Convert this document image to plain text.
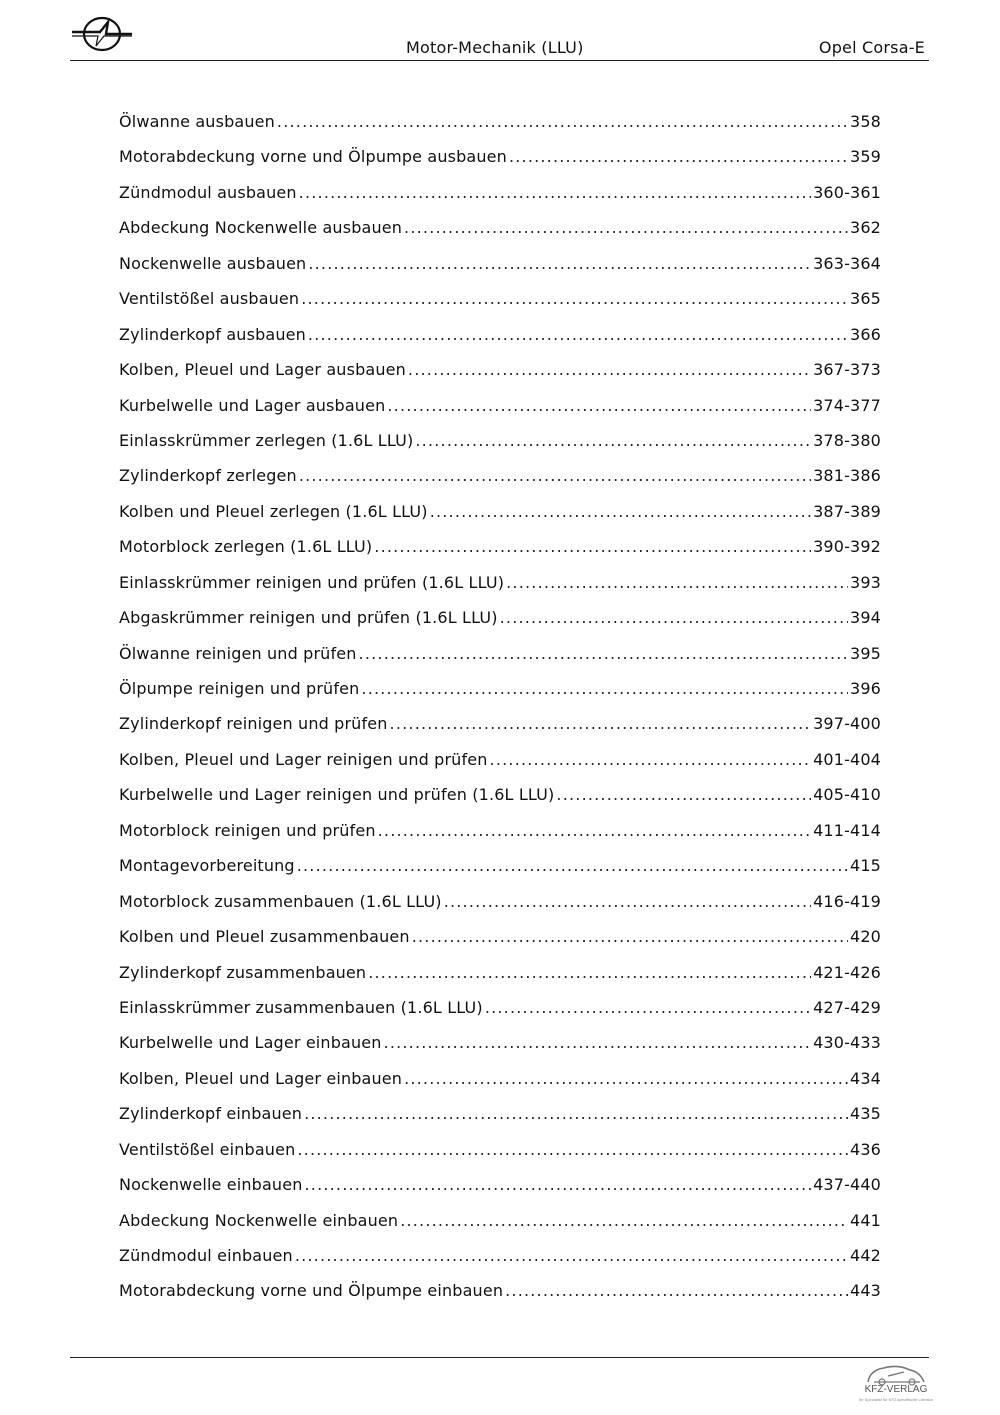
Motor-Mechanik (LLU)	Opel Corsa-E
Ölwanne ausbauen .....	358
Motorabdeckung vorne und Ölpumpe ausbauen .....	359
Zündmodul ausbauen .....	360-361
Abdeckung Nockenwelle ausbauen .....	362
Nockenwelle ausbauen .....	363-364
Ventilstößel ausbauen .....	365
Zylinderkopf ausbauen .....	366
Kolben, Pleuel und Lager ausbauen .....	367-373
Kurbelwelle und Lager ausbauen .....	374-377
Einlasskrümmer zerlegen (1.6L LLU) .....	378-380
Zylinderkopf zerlegen .....	381-386
Kolben und Pleuel zerlegen (1.6L LLU) .....	387-389
Motorblock zerlegen (1.6L LLU) .....	390-392
Einlasskrümmer reinigen und prüfen (1.6L LLU) .....	393
Abgaskrümmer reinigen und prüfen (1.6L LLU) .....	394
Ölwanne reinigen und prüfen .....	395
Ölpumpe reinigen und prüfen .....	396
Zylinderkopf reinigen und prüfen .....	397-400
Kolben, Pleuel und Lager reinigen und prüfen .....	401-404
Kurbelwelle und Lager reinigen und prüfen (1.6L LLU) .....	405-410
Motorblock reinigen und prüfen .....	411-414
Montagevorbereitung .....	415
Motorblock zusammenbauen (1.6L LLU) .....	416-419
Kolben und Pleuel zusammenbauen .....	420
Zylinderkopf zusammenbauen .....	421-426
Einlasskrümmer zusammenbauen (1.6L LLU) .....	427-429
Kurbelwelle und Lager einbauen .....	430-433
Kolben, Pleuel und Lager einbauen .....	434
Zylinderkopf einbauen .....	435
Ventilstößel einbauen .....	436
Nockenwelle einbauen .....	437-440
Abdeckung Nockenwelle einbauen .....	441
Zündmodul einbauen .....	442
Motorabdeckung vorne und Ölpumpe einbauen .....	443
KFZ-VERLAG
Ihr Spezialist für KFZ-spezifische Literatur
